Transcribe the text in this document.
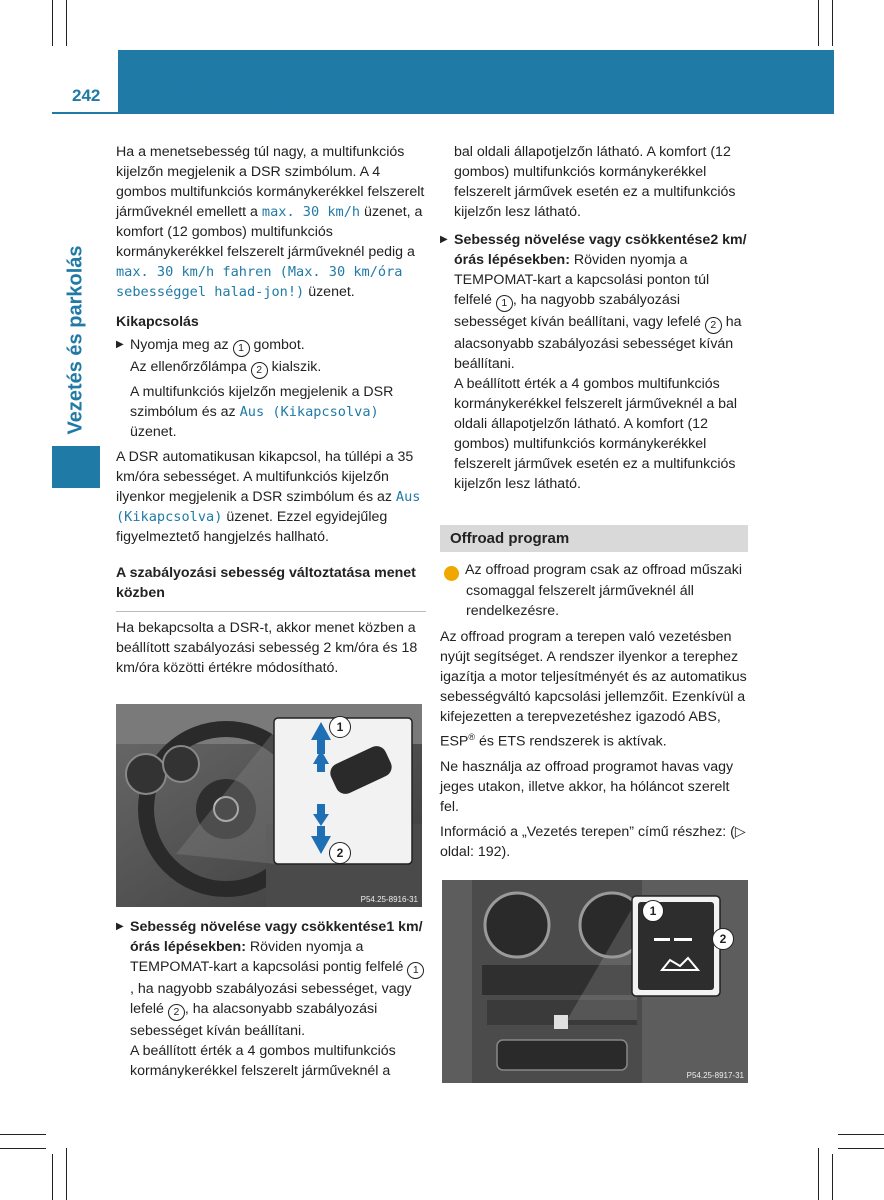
242 Rendszerek terepre
Vezetés és parkolás

Ha a menetsebesség túl nagy, a multifunkciós kijelzőn megjelenik a DSR szimbólum. A 4 gombos multifunkciós kormánykerékkel felszerelt járműveknél emellett a max. 30 km/h üzenet, a komfort (12 gombos) multifunkciós kormánykerékkel felszerelt járműveknél pedig a max. 30 km/h fahren (Max. 30 km/óra sebességgel halad-jon!) üzenet.

Kikapcsolás

▶ Nyomja meg az 1 gombot.

Az ellenőrzőlámpa 2 kialszik.

A multifunkciós kijelzőn megjelenik a DSR szimbólum és az Aus (Kikapcsolva) üzenet.

A DSR automatikusan kikapcsol, ha túllépi a 35 km/óra sebességet. A multifunkciós kijelzőn ilyenkor megjelenik a DSR szimbólum és az Aus (Kikapcsolva) üzenet. Ezzel egyidejűleg figyelmeztető hangjelzés hallható.

A szabályozási sebesség változtatása menet közben

Ha bekapcsolta a DSR-t, akkor menet közben a beállított szabályozási sebesség 2 km/óra és 18 km/óra közötti értékre módosítható.

1
2
P54.25-8916-31

▶ Sebesség növelése vagy csökkentése1 km/órás lépésekben: Röviden nyomja a TEMPOMAT-kart a kapcsolási pontig felfelé 1, ha nagyobb szabályozási sebességet, vagy lefelé 2 , ha alacsonyabb szabályozási sebességet kíván beállítani.

A beállított érték a 4 gombos multifunkciós kormánykerékkel felszerelt járműveknél a

bal oldali állapotjelzőn látható. A komfort (12 gombos) multifunkciós kormánykerékkel felszerelt járművek esetén ez a multifunkciós kijelzőn lesz látható.

▶ Sebesség növelése vagy csökkentése2 km/órás lépésekben: Röviden nyomja a TEMPOMAT-kart a kapcsolási ponton túl felfelé 1 , ha nagyobb szabályozási sebességet kíván beállítani, vagy lefelé 2 ha alacsonyabb szabályozási sebességet kíván beállítani.

A beállított érték a 4 gombos multifunkciós kormánykerékkel felszerelt járműveknél a bal oldali állapotjelzőn látható. A komfort (12 gombos) multifunkciós kormánykerékkel felszerelt járművek esetén ez a multifunkciós kijelzőn lesz látható.

Offroad program

i Az offroad program csak az offroad műszaki csomaggal felszerelt járműveknél áll rendelkezésre.

Az offroad program a terepen való vezetésben nyújt segítséget. A rendszer ilyenkor a terephez igazítja a motor teljesítményét és az automatikus sebességváltó kapcsolási jellemzőit. Ezenkívül a kifejezetten a terepvezetéshez igazodó ABS, ESP® és ETS rendszerek is aktívak.

Ne használja az offroad programot havas vagy jeges utakon, illetve akkor, ha hóláncot szerelt fel.

Információ a „Vezetés terepen” című részhez: (▷ oldal: 192).

1
2
P54.25-8917-31
